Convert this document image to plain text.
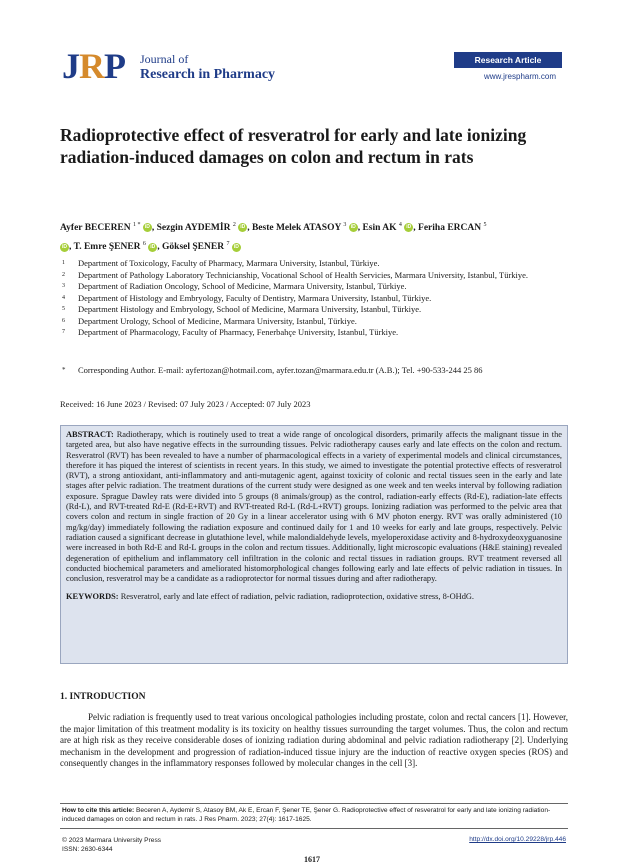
JRP Journal of
Research in Pharmacy
Research Article
www.jrespharm.com
Radioprotective effect of resveratrol for early and late ionizing radiation-induced damages on colon and rectum in rats
Ayfer BECEREN $^{1 *}$ iD , Sezgin AYDEMİR $^2$ iD , Beste Melek ATASOY $^3$ iD , Esin AK $^4$ iD , Feriha ERCAN $^5$
iD , T. Emre ŞENER $^6$ iD , Göksel ŞENER $^7$ iD
1	Department of Toxicology, Faculty of Pharmacy, Marmara University, Istanbul, Türkiye.
2	Department of Pathology Laboratory Technicianship, Vocational School of Health Servicies, Marmara University, Istanbul, Türkiye.
3	Department of Radiation Oncology, School of Medicine, Marmara University, Istanbul, Türkiye.
4	Department of Histology and Embryology, Faculty of Dentistry, Marmara University, Istanbul, Türkiye.
5	Department Histology and Embryology, School of Medicine, Marmara University, Istanbul, Türkiye.
6	Department Urology, School of Medicine, Marmara University, Istanbul, Türkiye.
7	Department of Pharmacology, Faculty of Pharmacy, Fenerbahçe University, Istanbul, Türkiye.
*	Corresponding Author. E-mail: ayfertozan@hotmail.com, ayfer.tozan@marmara.edu.tr (A.B.); Tel. +90-533-244 25 86
Received: 16 June 2023 / Revised: 07 July 2023 / Accepted: 07 July 2023
ABSTRACT: Radiotherapy, which is routinely used to treat a wide range of oncological disorders, primarily affects the malignant tissue in the targeted area, but also have negative effects in the surrounding tissues. Pelvic radiotherapy causes early and late effects on the colon and rectum. Resveratrol (RVT) has been revealed to have a number of pharmacological effects in a variety of experimental models and clinical circumstances, therefore it has piqued the interest of scientists in recent years. In this study, we aimed to investigate the potential protective effects of resveratrol (RVT), a strong antioxidant, anti-inflammatory and anti-mutagenic agent, against toxicity of colonic and rectal tissues seen in the early and late stages after pelvic radiation. The treatment durations of the current study were designed as one week and ten weeks interval by following radiation exposure. Sprague Dawley rats were divided into 5 groups (8 animals/group) as the control, radiation-early effects (Rd-E), radiation-late effects (Rd-L), and RVT-treated Rd-E (Rd-E+RVT) and RVT-treated Rd-L (Rd-L+RVT) groups. Ionizing radiation was performed to the pelvic area that covers colon and rectum in single fraction of 20 Gy in a linear accelerator using with 6 MV photon energy. RVT was orally administered (10 mg/kg/day) immediately following the radiation exposure and continued daily for 1 and 10 weeks for early and late groups, respectively. Pelvic radiation caused a significant decrease in glutathione level, while malondialdehyde levels, myeloperoxidase activity and 8-hydroxydeoxyguanosine were increased in both Rd-E and Rd-L groups in the colon and rectum tissues. Additionally, light microscopic evaluations (H&E staining) revealed degeneration of epithelium and inflammatory cell infiltration in the colonic and rectal tissues in radiation groups. RVT treatment reversed all conducted biochemical parameters and ameliorated histomorphological changes following early and late effects of pelvic radiation in tissues. In conclusion, resveratrol may be a candidate as a radioprotector for normal tissues during and after radiotherapy.
KEYWORDS: Resveratrol, early and late effect of radiation, pelvic radiation, radioprotection, oxidative stress, 8-OHdG.
1. INTRODUCTION
Pelvic radiation is frequently used to treat various oncological pathologies including prostate, colon and rectal cancers [1]. However, the major limitation of this treatment modality is its toxicity on healthy tissues surrounding the target volumes. Thus, the colon and rectum are at high risk as they receive considerable doses of ionizing radiation during abdominal and pelvic radiation radiotherapy [2]. Underlying mechanism in the development and progression of radiation-induced tissue injury are the induction of reactive oxygen species (ROS) and consequently changes in the inflammatory responses followed by molecular changes in the cell [3].
How to cite this article: Beceren A, Aydemir S, Atasoy BM, Ak E, Ercan F, Şener TE, Şener G. Radioprotective effect of resveratrol for early and late ionizing radiation-induced damages on colon and rectum in rats. J Res Pharm. 2023; 27(4): 1617-1625.
© 2023 Marmara University Press
ISSN: 2630-6344
http://dx.doi.org/10.29228/jrp.446
1617
